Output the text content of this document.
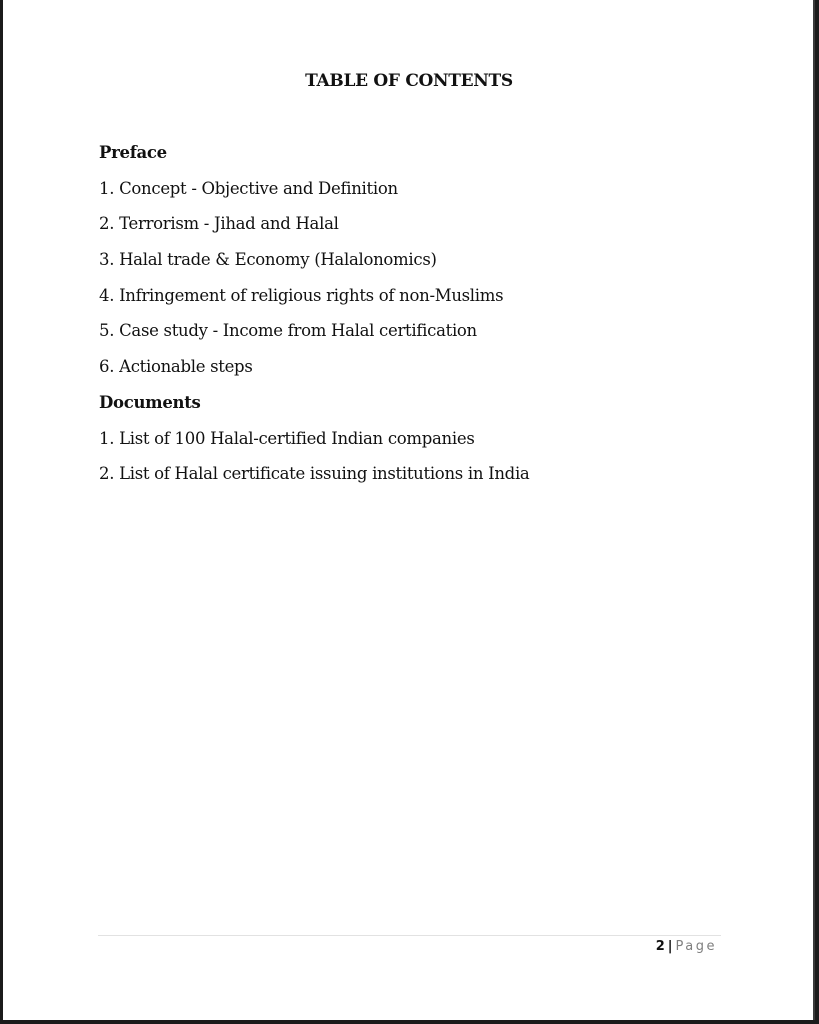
TABLE OF CONTENTS
Preface
1. Concept - Objective and Definition
2. Terrorism - Jihad and Halal
3. Halal trade & Economy (Halalonomics)
4. Infringement of religious rights of non-Muslims
5. Case study - Income from Halal certification
6. Actionable steps
Documents
1. List of 100 Halal-certified Indian companies
2. List of Halal certificate issuing institutions in India
2 | Page
